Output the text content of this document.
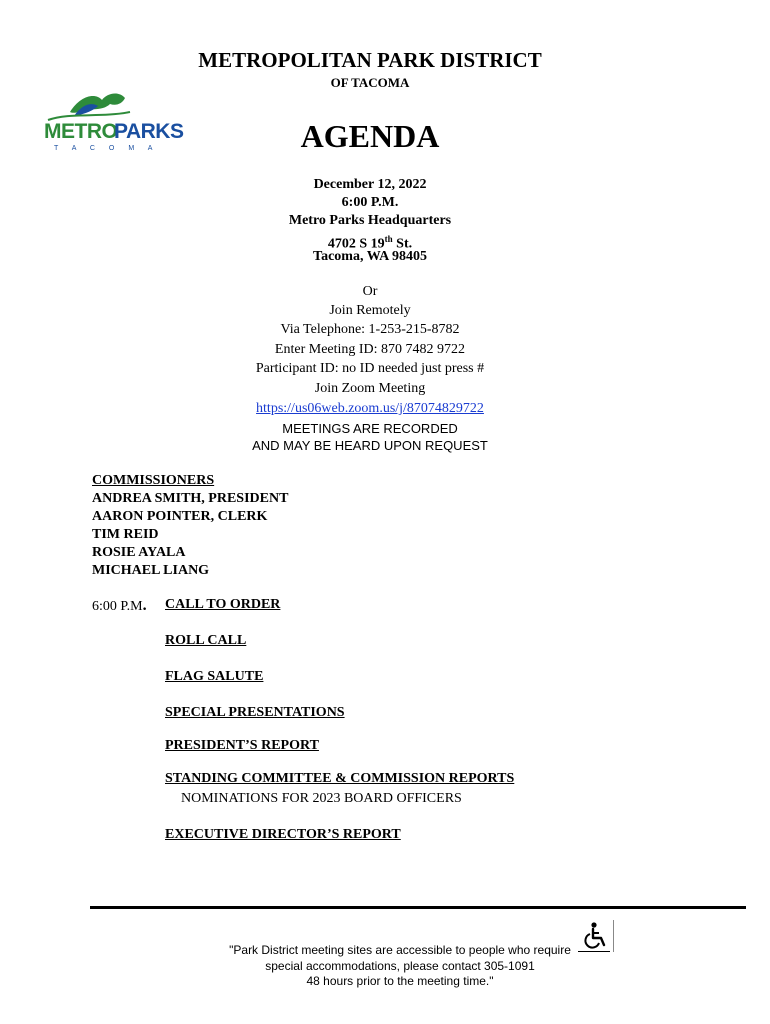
METROPOLITAN PARK DISTRICT
OF TACOMA
METRO
PARKS
T A C O M A	AGENDA
December 12, 2022
6:00 P.M.
Metro Parks Headquarters
4702 S 19th St.
Tacoma, WA 98405
Or
Join Remotely
Via Telephone: 1-253-215-8782
Enter Meeting ID: 870 7482 9722
Participant ID: no ID needed just press #
Join Zoom Meeting
https://us06web.zoom.us/j/87074829722
MEETINGS ARE RECORDED
AND MAY BE HEARD UPON REQUEST
COMMISSIONERS
ANDREA SMITH, PRESIDENT
AARON POINTER, CLERK
TIM REID
ROSIE AYALA
MICHAEL LIANG
6:00 P.M. CALL TO ORDER
ROLL CALL
FLAG SALUTE
SPECIAL PRESENTATIONS
PRESIDENT’S REPORT
STANDING COMMITTEE & COMMISSION REPORTS
NOMINATIONS FOR 2023 BOARD OFFICERS
EXECUTIVE DIRECTOR’S REPORT
"Park District meeting sites are accessible to people who require
special accommodations, please contact 305-1091
48 hours prior to the meeting time."
